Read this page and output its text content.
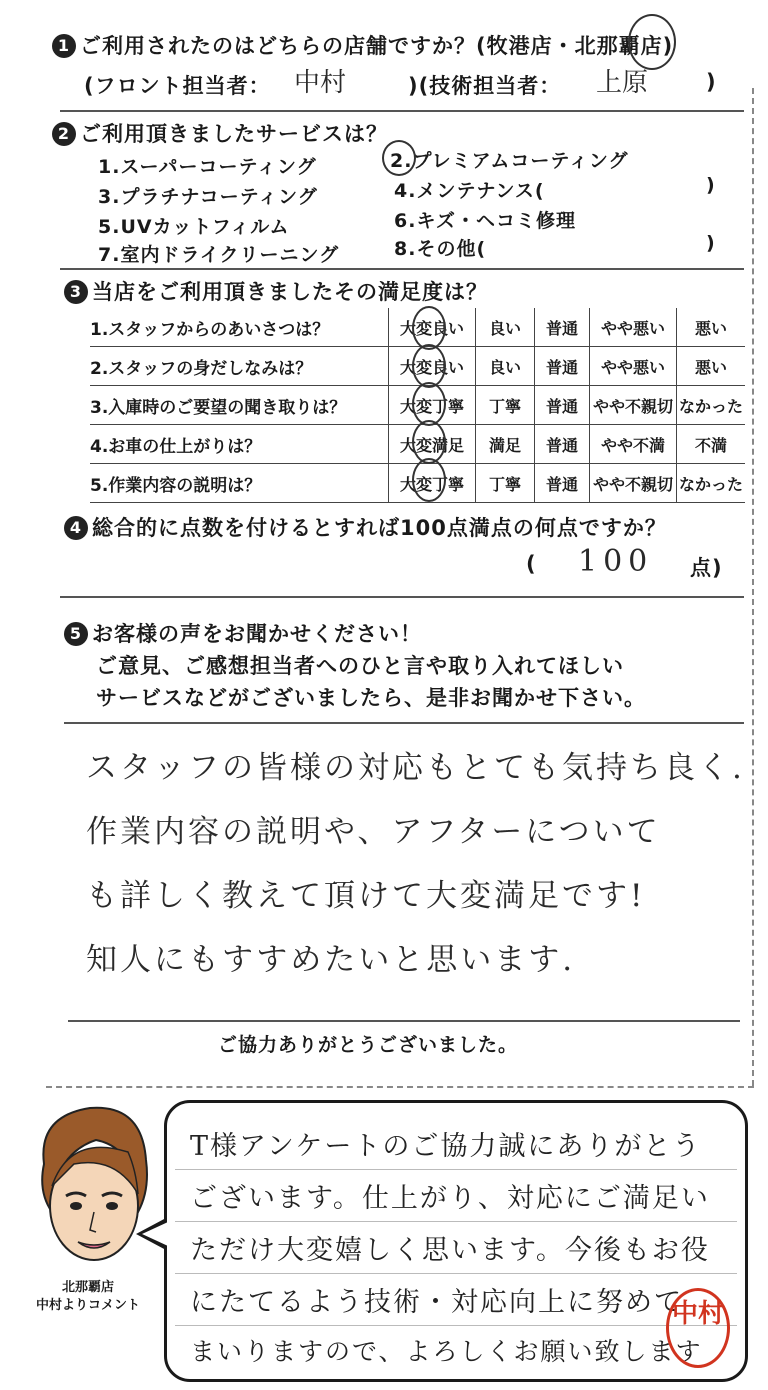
1 ご利用されたのはどちらの店舗ですか？(牧港店・北那覇店)
(フロント担当者： 中村	)(技術担当者： 上原	)
2 ご利用頂きましたサービスは？
1.スーパーコーティング	2.プレミアムコーティング
3.プラチナコーティング	4.メンテナンス(	)
5.UVカットフィルム	6.キズ・ヘコミ修理
7.室内ドライクリーニング	8.その他(	)
3 当店をご利用頂きましたその満足度は？
1.スタッフからのあいさつは？	大変良い	良い	普通	やや悪い	悪い
2.スタッフの身だしなみは？	大変良い	良い	普通	やや悪い	悪い
3.入庫時のご要望の聞き取りは？	大変丁寧	丁寧	普通	やや不親切	なかった
4.お車の仕上がりは？	大変満足	満足	普通	やや不満	不満
5.作業内容の説明は？	大変丁寧	丁寧	普通	やや不親切	なかった
4 総合的に点数を付けるとすれば100点満点の何点ですか？
( 100 点)
5 お客様の声をお聞かせください！
ご意見、ご感想担当者へのひと言や取り入れてほしい
サービスなどがございましたら、是非お聞かせ下さい。
スタッフの皆様の対応もとても気持ち良く.
作業内容の説明や、アフターについて
も詳しく教えて頂けて大変満足です!
知人にもすすめたいと思います.
ご協力ありがとうございました。
北那覇店
中村よりコメント
T様アンケートのご協力誠にありがとう
ございます。仕上がり、対応にご満足い
ただけ大変嬉しく思います。今後もお役
にたてるよう技術・対応向上に努めて
まいりますので、よろしくお願い致します
中村
